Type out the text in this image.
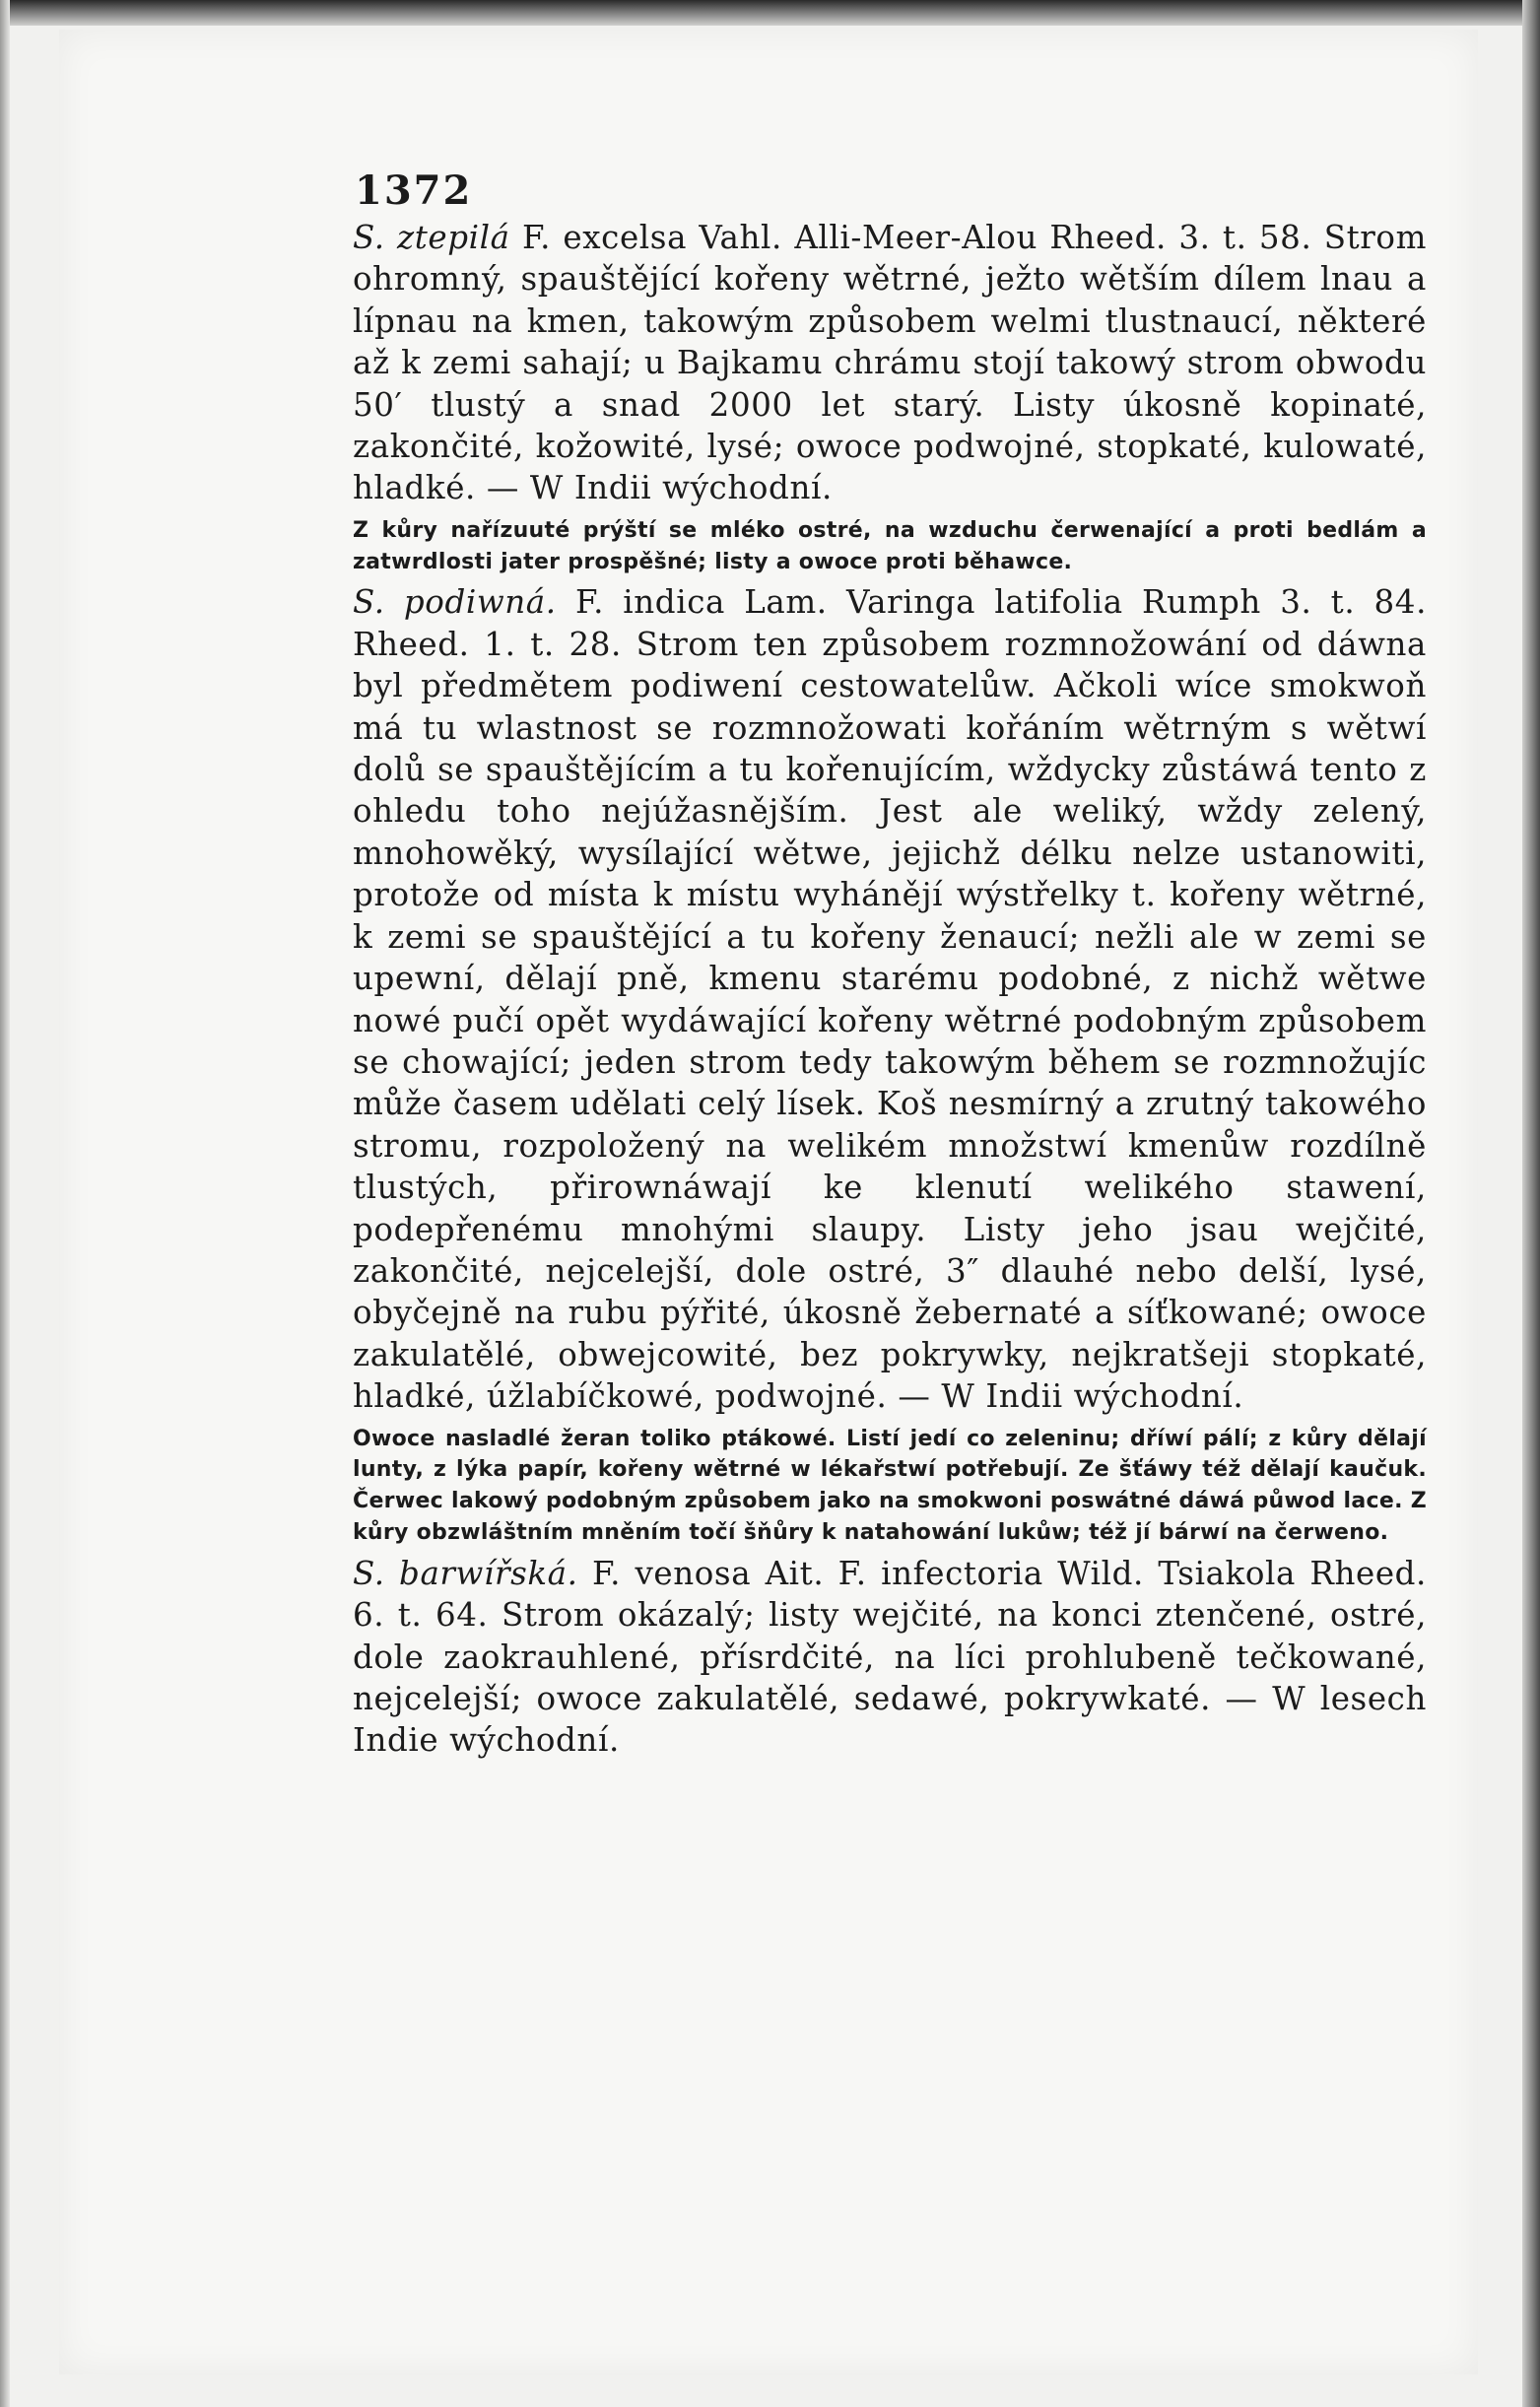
1372

S. ztepilá F. excelsa Vahl. Alli-Meer-Alou Rheed. 3. t. 58. Strom ohromný, spauštějící kořeny wětrné, ježto wětším dílem lnau a lípnau na kmen, takowým způsobem welmi tlustnaucí, některé až k zemi sahají; u Bajkamu chrámu stojí takowý strom obwodu 50′ tlustý a snad 2000 let starý. Listy úkosně kopinaté, zakončité, kožowité, lysé; owoce podwojné, stopkaté, kulowaté, hladké. — W Indii wýchodní.

Z kůry nařízuuté prýští se mléko ostré, na wzduchu čerwenající a proti bedlám a zatwrdlosti jater prospěšné; listy a owoce proti běhawce.

S. podiwná. F. indica Lam. Varinga latifolia Rumph 3. t. 84. Rheed. 1. t. 28. Strom ten způsobem rozmnožowání od dáwna byl předmětem podiwení cestowatelůw. Ačkoli wíce smokwoň má tu wlastnost se rozmnožowati kořáním wětrným s wětwí dolů se spauštějícím a tu kořenujícím, wždycky zůstáwá tento z ohledu toho nejúžasnějším. Jest ale weliký, wždy zelený, mnohowěký, wysílající wětwe, jejichž délku nelze ustanowiti, protože od místa k místu wyhánějí wýstřelky t. kořeny wětrné, k zemi se spauštějící a tu kořeny ženaucí; nežli ale w zemi se upewní, dělají pně, kmenu starému podobné, z nichž wětwe nowé pučí opět wydáwající kořeny wětrné podobným způsobem se chowající; jeden strom tedy takowým během se rozmnožujíc může časem udělati celý lísek. Koš nesmírný a zrutný takowého stromu, rozpoložený na welikém množstwí kmenůw rozdílně tlustých, přirownáwají ke klenutí welikého stawení, podepřenému mnohými slaupy. Listy jeho jsau wejčité, zakončité, nejcelejší, dole ostré, 3″ dlauhé nebo delší, lysé, obyčejně na rubu pýřité, úkosně žebernaté a síťkowané; owoce zakulatělé, obwejcowité, bez pokrywky, nejkratšeji stopkaté, hladké, úžlabíčkowé, podwojné. — W Indii wýchodní.

Owoce nasladlé žeran toliko ptákowé. Listí jedí co zeleninu; dříwí pálí; z kůry dělají lunty, z lýka papír, kořeny wětrné w lékařstwí potřebují. Ze šťáwy též dělají kaučuk. Čerwec lakowý podobným způsobem jako na smokwoni poswátné dáwá půwod lace. Z kůry obzwláštním mněním točí šňůry k natahowání lukůw; též jí bárwí na čerweno.

S. barwířská. F. venosa Ait. F. infectoria Wild. Tsiakola Rheed. 6. t. 64. Strom okázalý; listy wejčité, na konci ztenčené, ostré, dole zaokrauhlené, přísrdčité, na líci prohlubeně tečkowané, nejcelejší; owoce zakulatělé, sedawé, pokrywkaté. — W lesech Indie wýchodní.
